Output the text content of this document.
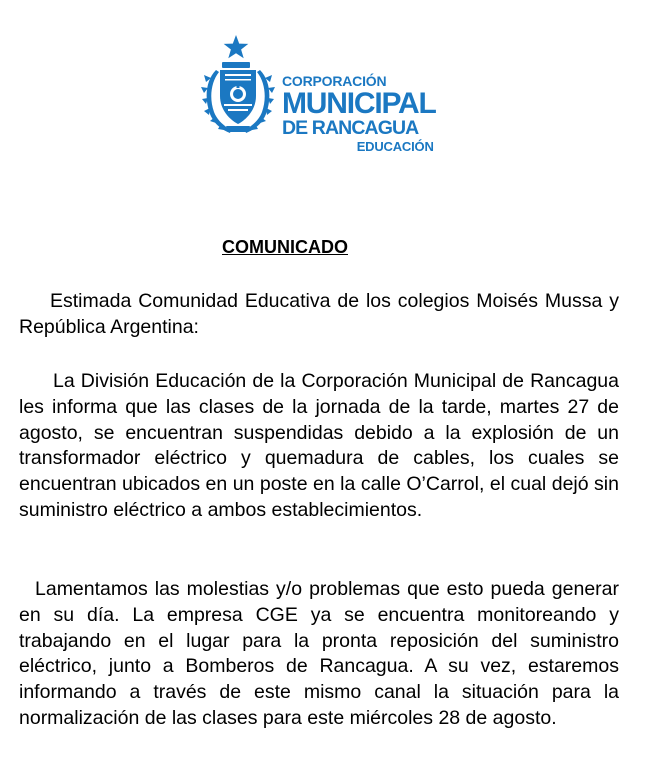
CORPORACIÓN
MUNICIPAL
DE RANCAGUA
EDUCACIÓN
COMUNICADO

Estimada Comunidad Educativa de los colegios Moisés Mussa y República Argentina:

La División Educación de la Corporación Municipal de Rancagua les informa que las clases de la jornada de la tarde, martes 27 de agosto, se encuentran suspendidas debido a la explosión de un transformador eléctrico y quemadura de cables, los cuales se encuentran ubicados en un poste en la calle O’Carrol, el cual dejó sin suministro eléctrico a ambos establecimientos.

Lamentamos las molestias y/o problemas que esto pueda generar en su día. La empresa CGE ya se encuentra monitoreando y trabajando en el lugar para la pronta reposición del suministro eléctrico, junto a Bomberos de Rancagua. A su vez, estaremos informando a través de este mismo canal la situación para la normalización de las clases para este miércoles 28 de agosto.
